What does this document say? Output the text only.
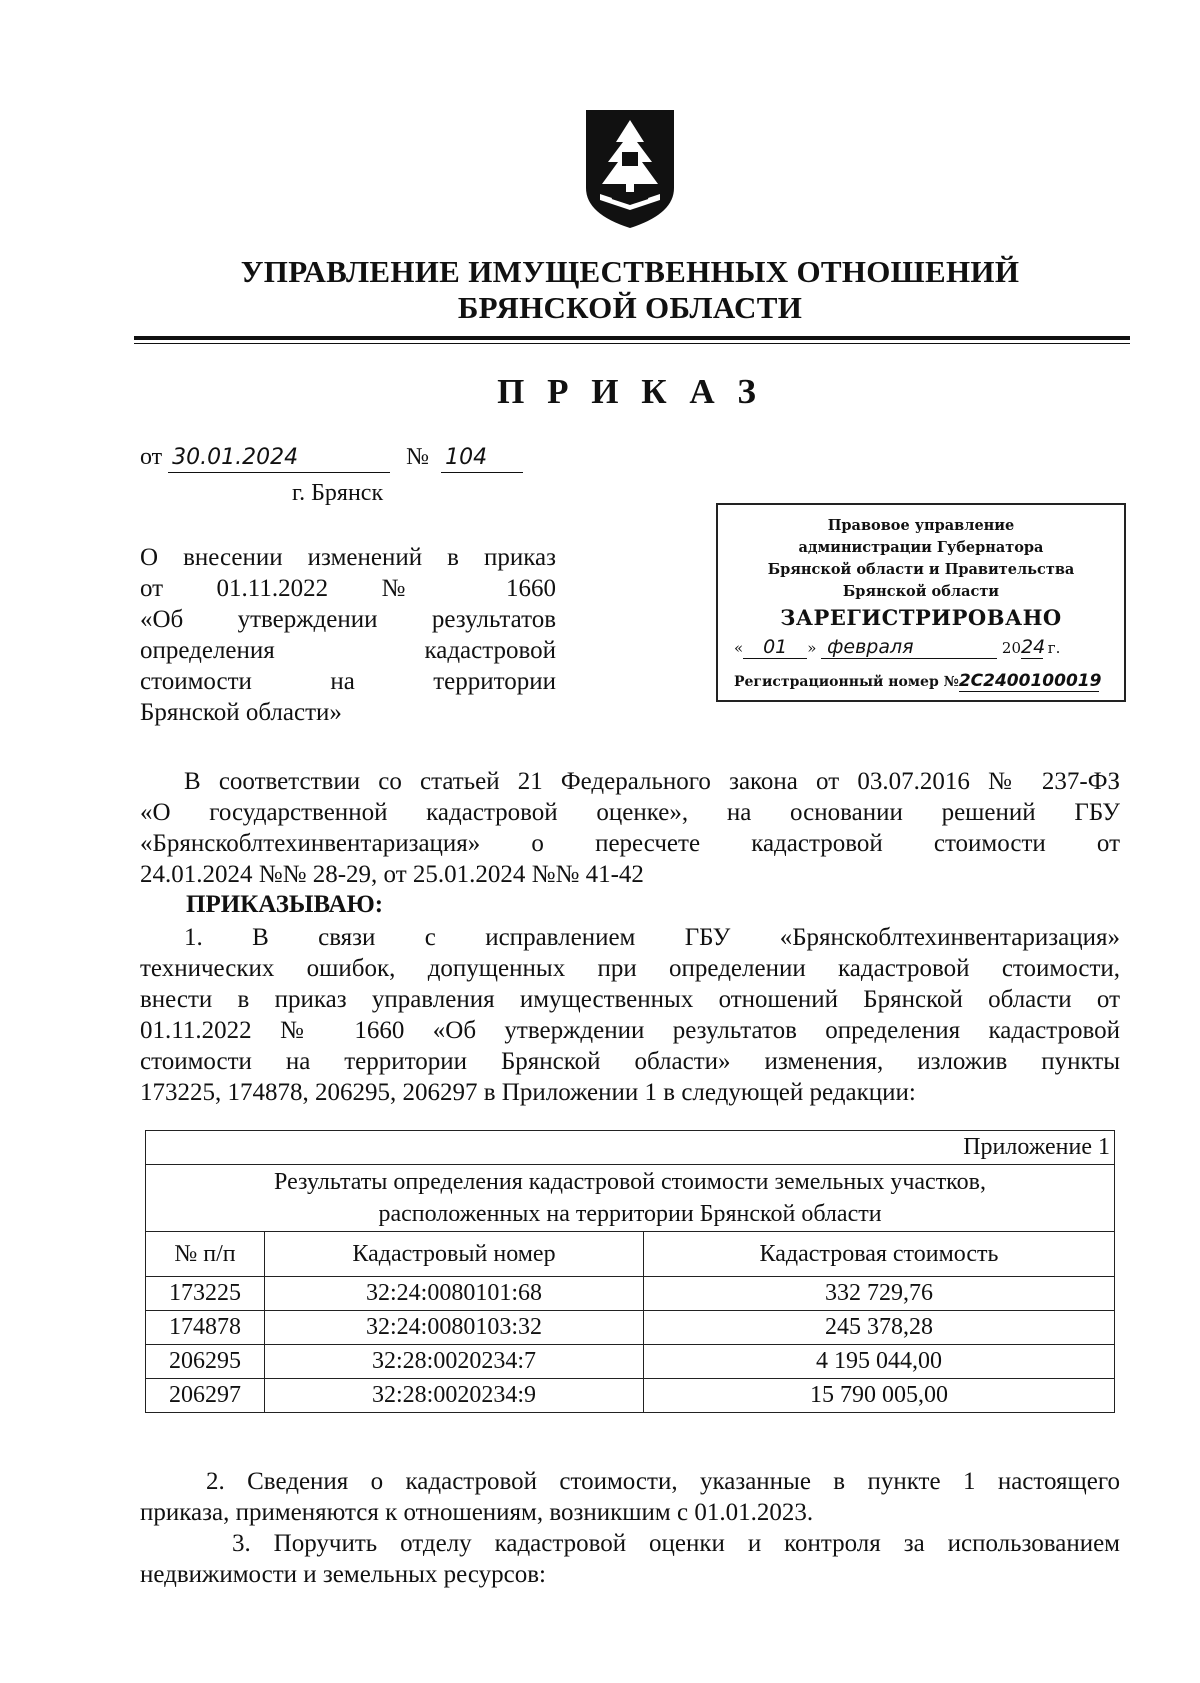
УПРАВЛЕНИЕ ИМУЩЕСТВЕННЫХ ОТНОШЕНИЙ
БРЯНСКОЙ ОБЛАСТИ
П Р И К А З
от 30.01.2024	№ 104
г. Брянск
О внесении изменений в приказ
от 01.11.2022 № 1660
«Об утверждении результатов
определения кадастровой
стоимости на территории
Брянской области»
Правовое управление
администрации Губернатора
Брянской области и Правительства
Брянской области
ЗАРЕГИСТРИРОВАНО
« 01 » февраля	2024 г.
Регистрационный номер №2С2400100019
В соответствии со статьей 21 Федерального закона от 03.07.2016 № 237-ФЗ
«О государственной кадастровой оценке», на основании решений ГБУ
«Брянскоблтехинвентаризация» о пересчете кадастровой стоимости от
24.01.2024 №№ 28-29, от 25.01.2024 №№ 41-42
ПРИКАЗЫВАЮ:
1. В связи с исправлением ГБУ «Брянскоблтехинвентаризация»
технических ошибок, допущенных при определении кадастровой стоимости,
внести в приказ управления имущественных отношений Брянской области от
01.11.2022 № 1660 «Об утверждении результатов определения кадастровой
стоимости на территории Брянской области» изменения, изложив пункты
173225, 174878, 206295, 206297 в Приложении 1 в следующей редакции:
Приложение 1		

Результаты определения кадастровой стоимости земельных участков,
расположенных на территории Брянской области		

№ п/п	Кадастровый номер	Кадастровая стоимость
173225	32:24:0080101:68	332 729,76
174878	32:24:0080103:32	245 378,28
206295	32:28:0020234:7	4 195 044,00
206297	32:28:0020234:9	15 790 005,00
2. Сведения о кадастровой стоимости, указанные в пункте 1 настоящего
приказа, применяются к отношениям, возникшим с 01.01.2023.
3. Поручить отделу кадастровой оценки и контроля за использованием
недвижимости и земельных ресурсов:
